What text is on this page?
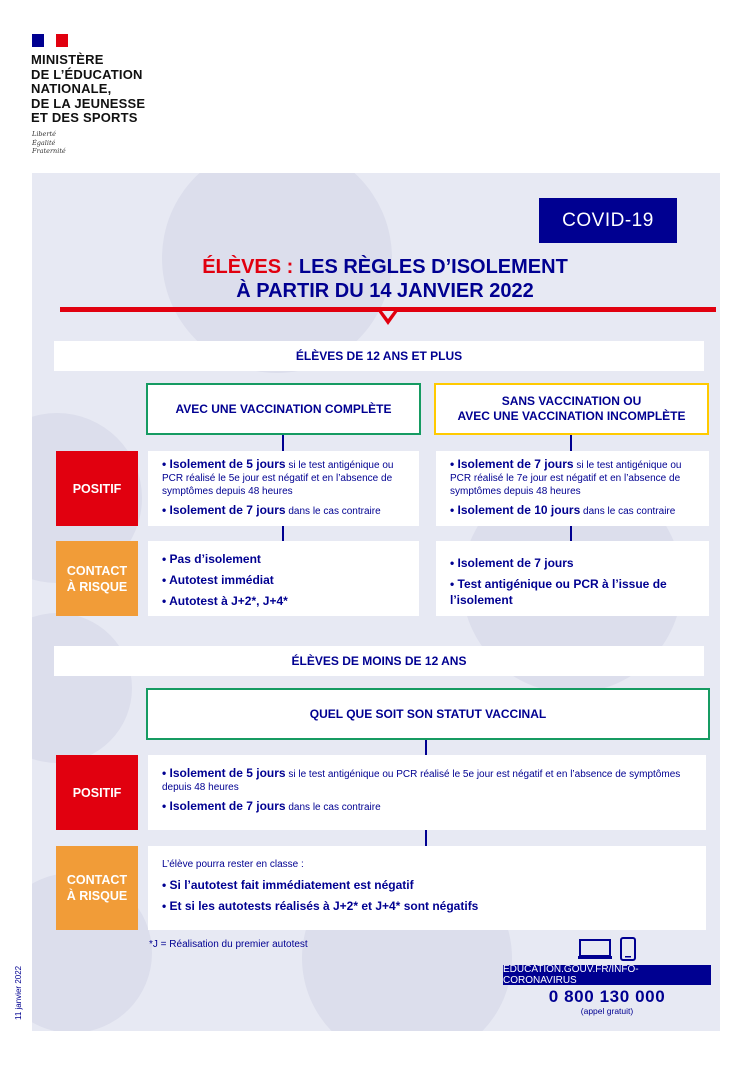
MINISTÈRE
DE L’ÉDUCATION
NATIONALE,
DE LA JEUNESSE
ET DES SPORTS
Liberté
Égalité
Fraternité
COVID-19
ÉLÈVES : LES RÈGLES D’ISOLEMENT
À PARTIR DU 14 JANVIER 2022
ÉLÈVES DE 12 ANS ET PLUS
AVEC UNE VACCINATION COMPLÈTE
SANS VACCINATION OU
AVEC UNE VACCINATION INCOMPLÈTE
POSITIF
• Isolement de 5 jours si le test antigénique ou PCR réalisé le 5e jour est négatif et en l’absence de symptômes depuis 48 heures
• Isolement de 7 jours dans le cas contraire
• Isolement de 7 jours si le test antigénique ou PCR réalisé le 7e jour est négatif et en l’absence de symptômes depuis 48 heures
• Isolement de 10 jours dans le cas contraire
CONTACT
À RISQUE
• Pas d’isolement
• Autotest immédiat
• Autotest à J+2*, J+4*
• Isolement de 7 jours
• Test antigénique ou PCR à l’issue de l’isolement
ÉLÈVES DE MOINS DE 12 ANS
QUEL QUE SOIT SON STATUT VACCINAL
POSITIF
• Isolement de 5 jours si le test antigénique ou PCR réalisé le 5e jour est négatif et en l’absence de symptômes depuis 48 heures
• Isolement de 7 jours dans le cas contraire
CONTACT
À RISQUE
L’élève pourra rester en classe :
• Si l’autotest fait immédiatement est négatif
• Et si les autotests réalisés à J+2* et J+4* sont négatifs
*J = Réalisation du premier autotest
EDUCATION.GOUV.FR/INFO-CORONAVIRUS
0 800 130 000
(appel gratuit)
11 janvier 2022
